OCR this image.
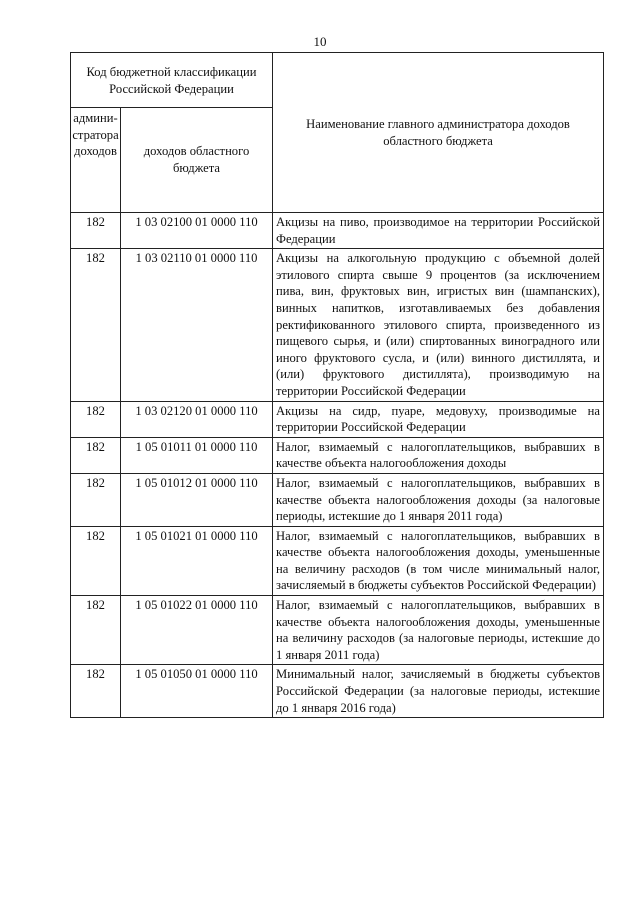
10
Код бюджетной классификации Российской Федерации		Наименование главного администратора доходов областного бюджета
админи-стратора доходов	доходов областного бюджета	
182	1 03 02100 01 0000 110	Акцизы на пиво, производимое на территории Российской Федерации
182	1 03 02110 01 0000 110	Акцизы на алкогольную продукцию с объемной долей этилового спирта свыше 9 процентов (за исключением пива, вин, фруктовых вин, игристых вин (шампанских), винных напитков, изготавливаемых без добавления ректификованного этилового спирта, произведенного из пищевого сырья, и (или) спиртованных виноградного или иного фруктового сусла, и (или) винного дистиллята, и (или) фруктового дистиллята), производимую на территории Российской Федерации
182	1 03 02120 01 0000 110	Акцизы на сидр, пуаре, медовуху, производимые на территории Российской Федерации
182	1 05 01011 01 0000 110	Налог, взимаемый с налогоплательщиков, выбравших в качестве объекта налогообложения доходы
182	1 05 01012 01 0000 110	Налог, взимаемый с налогоплательщиков, выбравших в качестве объекта налогообложения доходы (за налоговые периоды, истекшие до 1 января 2011 года)
182	1 05 01021 01 0000 110	Налог, взимаемый с налогоплательщиков, выбравших в качестве объекта налогообложения доходы, уменьшенные на величину расходов (в том числе минимальный налог, зачисляемый в бюджеты субъектов Российской Федерации)
182	1 05 01022 01 0000 110	Налог, взимаемый с налогоплательщиков, выбравших в качестве объекта налогообложения доходы, уменьшенные на величину расходов (за налоговые периоды, истекшие до 1 января 2011 года)
182	1 05 01050 01 0000 110	Минимальный налог, зачисляемый в бюджеты субъектов Российской Федерации (за налоговые периоды, истекшие до 1 января 2016 года)
